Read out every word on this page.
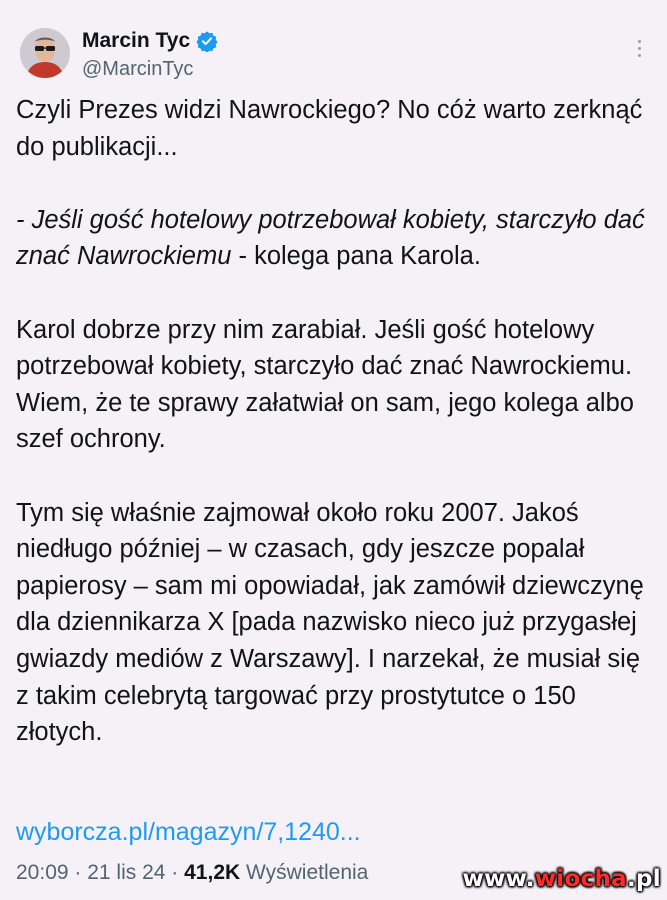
Marcin Tyc
@MarcinTyc

Czyli Prezes widzi Nawrockiego? No cóż warto zerknąć do publikacji...

- Jeśli gość hotelowy potrzebował kobiety, starczyło dać znać Nawrockiemu - kolega pana Karola.

Karol dobrze przy nim zarabiał. Jeśli gość hotelowy potrzebował kobiety, starczyło dać znać Nawrockiemu. Wiem, że te sprawy załatwiał on sam, jego kolega albo szef ochrony.

Tym się właśnie zajmował około roku 2007. Jakoś niedługo później – w czasach, gdy jeszcze popalał papierosy – sam mi opowiadał, jak zamówił dziewczynę dla dziennikarza X [pada nazwisko nieco już przygasłej gwiazdy mediów z Warszawy]. I narzekał, że musiał się z takim celebrytą targować przy prostytutce o 150 złotych.

wyborcza.pl/magazyn/7,1240...
20:09 · 21 lis 24 · 41,2K Wyświetlenia	www.wiocha.pl
